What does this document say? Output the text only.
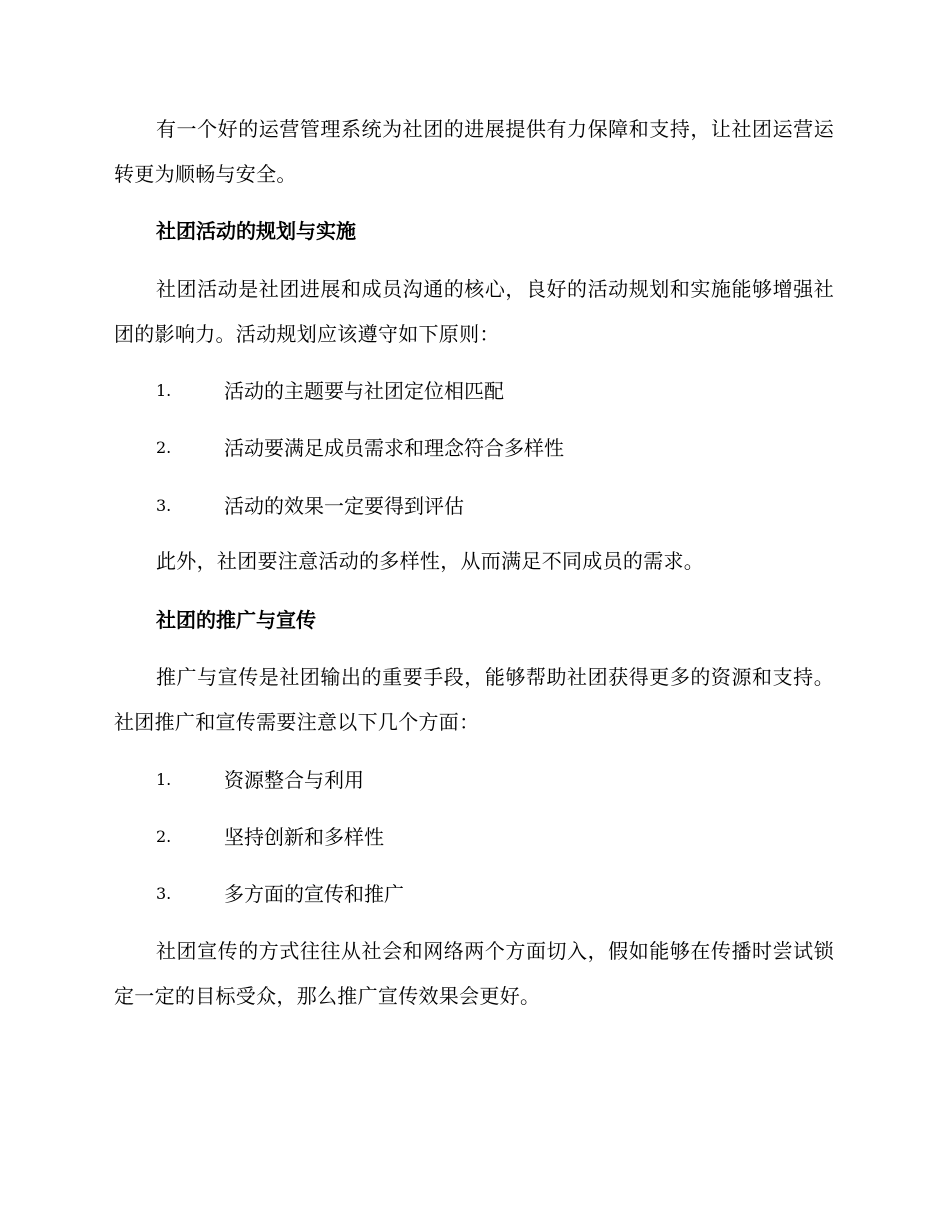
有一个好的运营管理系统为社团的进展提供有力保障和支持，让社团运营运转更为顺畅与安全。

社团活动的规划与实施

社团活动是社团进展和成员沟通的核心，良好的活动规划和实施能够增强社团的影响力。活动规划应该遵守如下原则：

1.	活动的主题要与社团定位相匹配
2.	活动要满足成员需求和理念符合多样性
3.	活动的效果一定要得到评估

此外，社团要注意活动的多样性，从而满足不同成员的需求。

社团的推广与宣传

推广与宣传是社团输出的重要手段，能够帮助社团获得更多的资源和支持。社团推广和宣传需要注意以下几个方面：

1.	资源整合与利用
2.	坚持创新和多样性
3.	多方面的宣传和推广

社团宣传的方式往往从社会和网络两个方面切入，假如能够在传播时尝试锁定一定的目标受众，那么推广宣传效果会更好。
